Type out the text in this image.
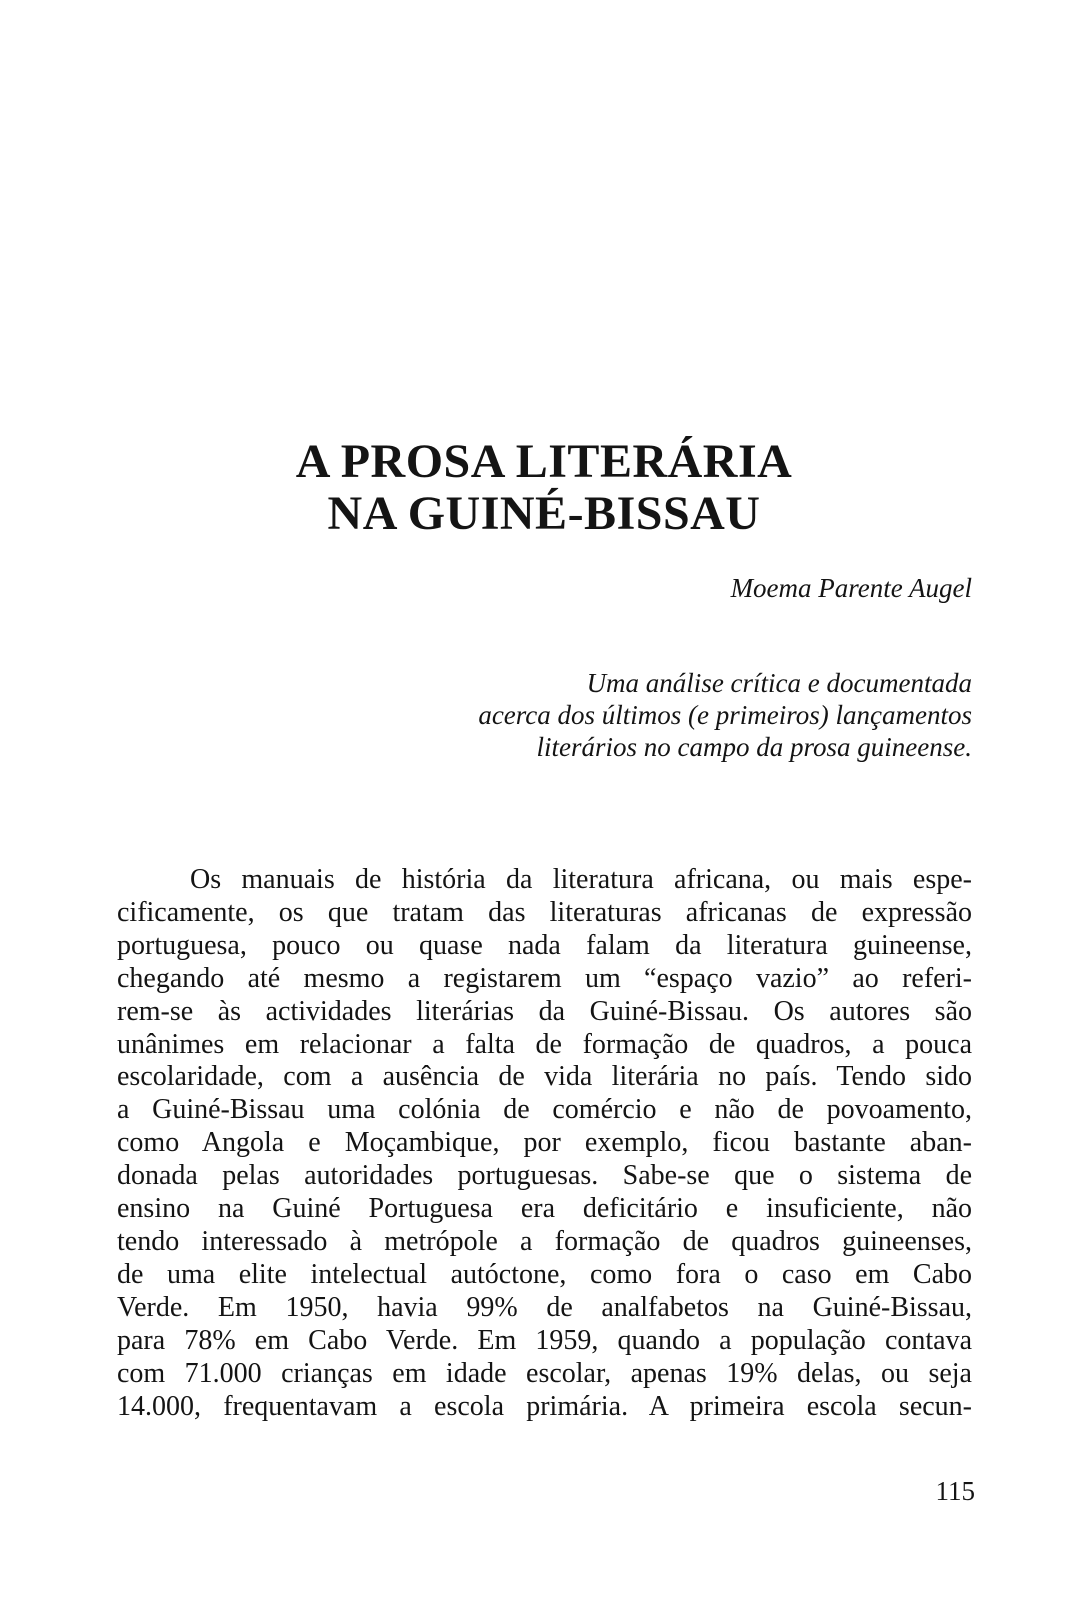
A PROSA LITERÁRIA
NA GUINÉ-BISSAU

Moema Parente Augel

Uma análise crítica e documentada
acerca dos últimos (e primeiros) lançamentos
literários no campo da prosa guineense.

Os manuais de história da literatura africana, ou mais espe-
cificamente, os que tratam das literaturas africanas de expressão
portuguesa, pouco ou quase nada falam da literatura guineense,
chegando até mesmo a registarem um “espaço vazio” ao referi-
rem-se às actividades literárias da Guiné-Bissau. Os autores são
unânimes em relacionar a falta de formação de quadros, a pouca
escolaridade, com a ausência de vida literária no país. Tendo sido
a Guiné-Bissau uma colónia de comércio e não de povoamento,
como Angola e Moçambique, por exemplo, ficou bastante aban-
donada pelas autoridades portuguesas. Sabe-se que o sistema de
ensino na Guiné Portuguesa era deficitário e insuficiente, não
tendo interessado à metrópole a formação de quadros guineenses,
de uma elite intelectual autóctone, como fora o caso em Cabo
Verde. Em 1950, havia 99% de analfabetos na Guiné-Bissau,
para 78% em Cabo Verde. Em 1959, quando a população contava
com 71.000 crianças em idade escolar, apenas 19% delas, ou seja
14.000, frequentavam a escola primária. A primeira escola secun-

115
